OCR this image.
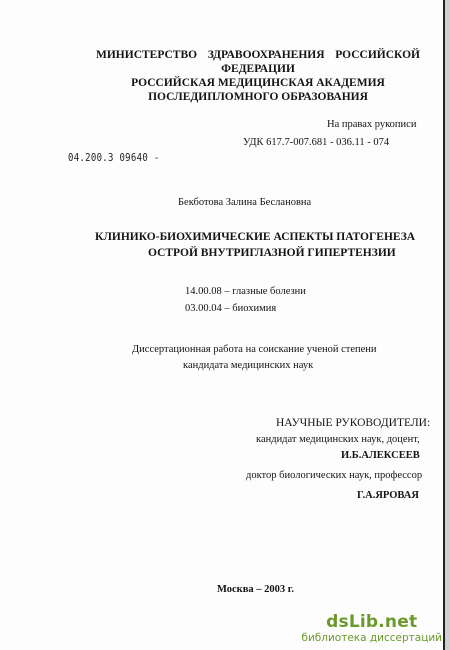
МИНИСТЕРСТВО ЗДРАВООХРАНЕНИЯ РОССИЙСКОЙ
ФЕДЕРАЦИИ
РОССИЙСКАЯ МЕДИЦИНСКАЯ АКАДЕМИЯ
ПОСЛЕДИПЛОМНОГО ОБРАЗОВАНИЯ
На правах рукописи
УДК 617.7-007.681 - 036.11 - 074
04.200.3 09640 -
Бекботова Залина Беслановна
КЛИНИКО-БИОХИМИЧЕСКИЕ АСПЕКТЫ ПАТОГЕНЕЗА
ОСТРОЙ ВНУТРИГЛАЗНОЙ ГИПЕРТЕНЗИИ
14.00.08 – глазные болезни
03.00.04 – биохимия
Диссертационная работа на соискание ученой степени
кандидата медицинских наук
НАУЧНЫЕ РУКОВОДИТЕЛИ:
кандидат медицинских наук, доцент,
И.Б.АЛЕКСЕЕВ
доктор биологических наук, профессор
Г.А.ЯРОВАЯ
Москва – 2003 г.
dsLib.net
библиотека диссертаций
